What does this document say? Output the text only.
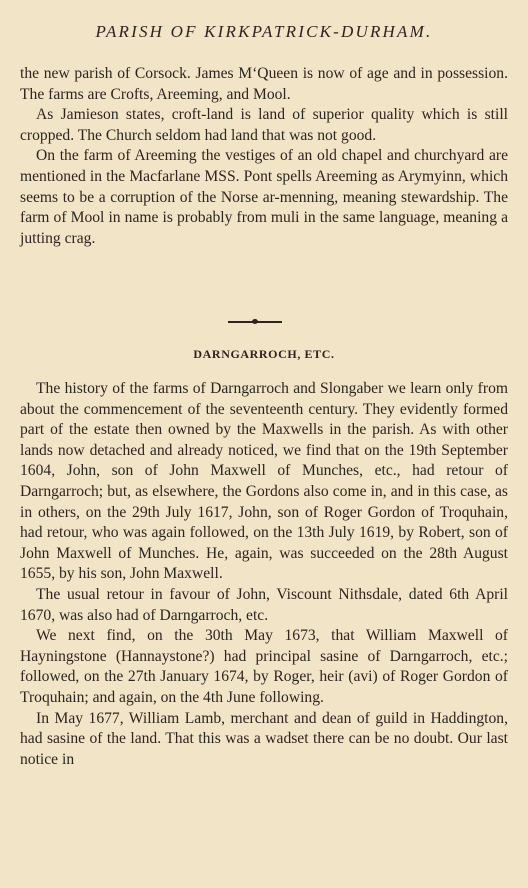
PARISH OF KIRKPATRICK-DURHAM.

the new parish of Corsock. James M‘Queen is now of age and in possession. The farms are Crofts, Areeming, and Mool.

As Jamieson states, croft-land is land of superior quality which is still cropped. The Church seldom had land that was not good.

On the farm of Areeming the vestiges of an old chapel and churchyard are mentioned in the Macfarlane MSS. Pont spells Areeming as Arymyinn, which seems to be a corruption of the Norse ar-menning, meaning stewardship. The farm of Mool in name is probably from muli in the same language, meaning a jutting crag.

DARNGARROCH, ETC.

The history of the farms of Darngarroch and Slongaber we learn only from about the commencement of the seventeenth century. They evidently formed part of the estate then owned by the Maxwells in the parish. As with other lands now detached and already noticed, we find that on the 19th September 1604, John, son of John Maxwell of Munches, etc., had retour of Darngarroch; but, as elsewhere, the Gordons also come in, and in this case, as in others, on the 29th July 1617, John, son of Roger Gordon of Troquhain, had retour, who was again followed, on the 13th July 1619, by Robert, son of John Maxwell of Munches. He, again, was succeeded on the 28th August 1655, by his son, John Maxwell.

The usual retour in favour of John, Viscount Nithsdale, dated 6th April 1670, was also had of Darngarroch, etc.

We next find, on the 30th May 1673, that William Maxwell of Hayningstone (Hannaystone?) had principal sasine of Darngarroch, etc.; followed, on the 27th January 1674, by Roger, heir (avi) of Roger Gordon of Troquhain; and again, on the 4th June following.

In May 1677, William Lamb, merchant and dean of guild in Haddington, had sasine of the land. That this was a wadset there can be no doubt. Our last notice in
